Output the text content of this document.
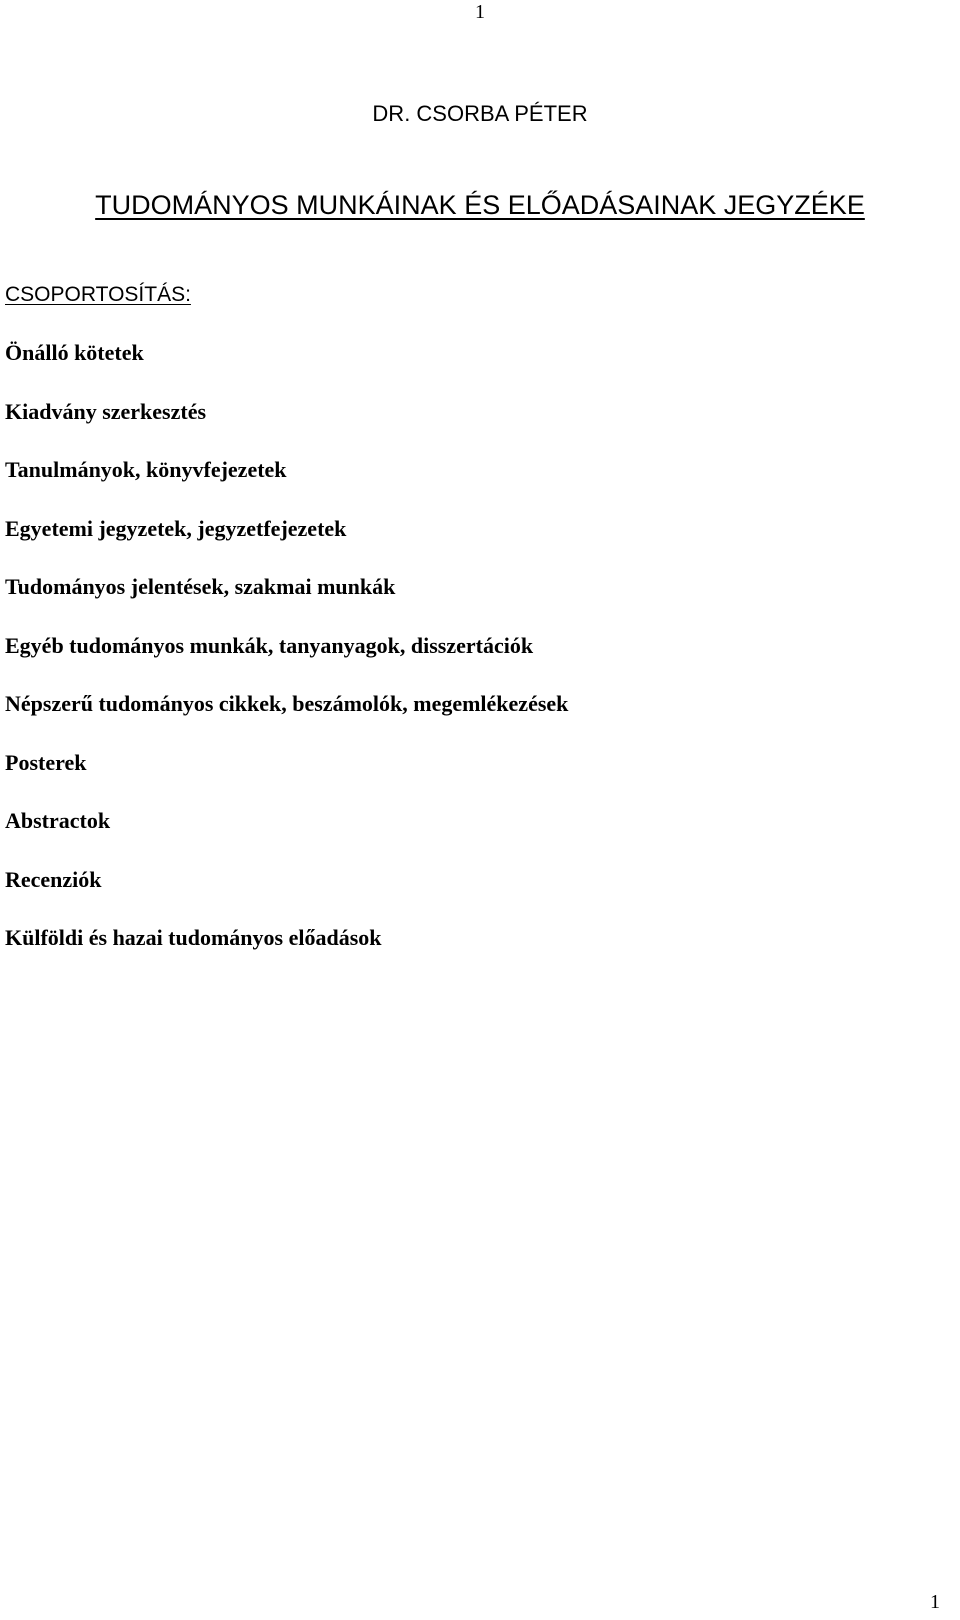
1
DR. CSORBA PÉTER
TUDOMÁNYOS MUNKÁINAK ÉS ELŐADÁSAINAK JEGYZÉKE
CSOPORTOSÍTÁS:
Önálló kötetek
Kiadvány szerkesztés
Tanulmányok, könyvfejezetek
Egyetemi jegyzetek, jegyzetfejezetek
Tudományos jelentések, szakmai munkák
Egyéb tudományos munkák, tanyanyagok, disszertációk
Népszerű tudományos cikkek, beszámolók, megemlékezések
Posterek
Abstractok
Recenziók
Külföldi és hazai tudományos előadások
1
